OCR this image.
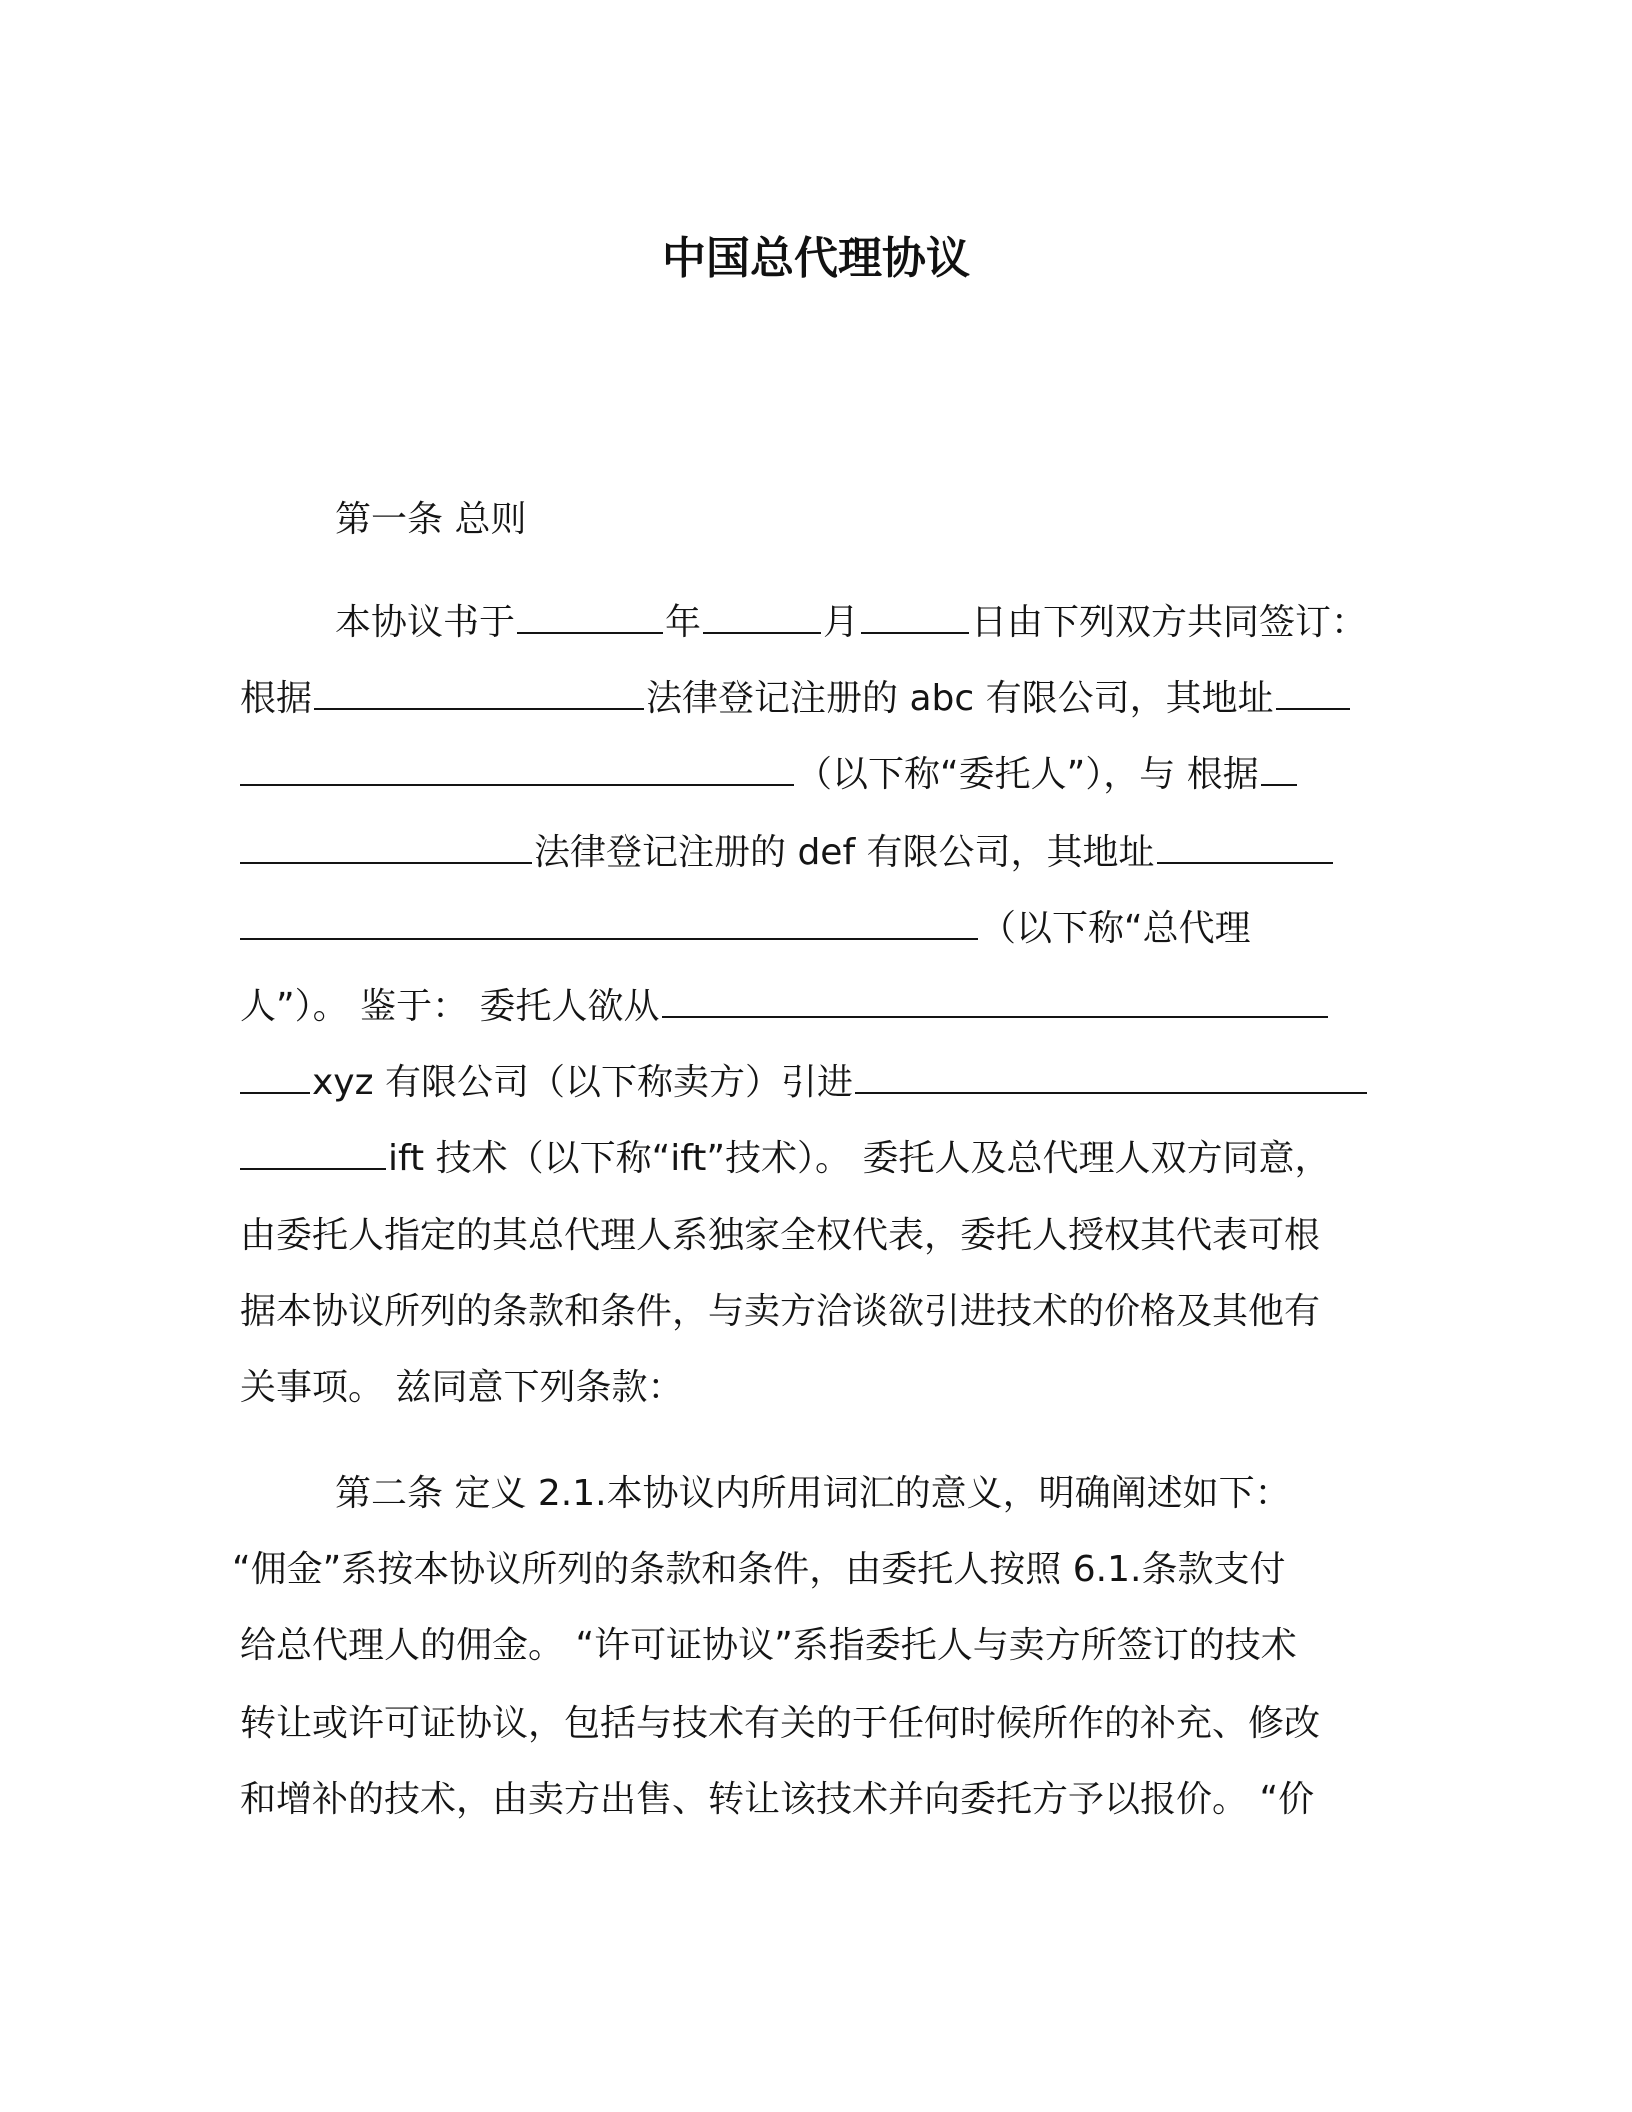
中国总代理协议
第一条 总则
本协议书于	年	月	日由下列双方共同签订：
根据	法律登记注册的 abc 有限公司，其地址
（以下称“委托人”），与 根据
法律登记注册的 def 有限公司，其地址
（以下称“总代理
人”）。 鉴于： 委托人欲从
xyz 有限公司（以下称卖方）引进
ift 技术（以下称“ift”技术）。 委托人及总代理人双方同意，
由委托人指定的其总代理人系独家全权代表，委托人授权其代表可根
据本协议所列的条款和条件，与卖方洽谈欲引进技术的价格及其他有
关事项。 兹同意下列条款：
第二条 定义 2.1.本协议内所用词汇的意义，明确阐述如下：
“佣金”系按本协议所列的条款和条件，由委托人按照 6.1.条款支付
给总代理人的佣金。 “许可证协议”系指委托人与卖方所签订的技术
转让或许可证协议，包括与技术有关的于任何时候所作的补充、修改
和增补的技术，由卖方出售、转让该技术并向委托方予以报价。 “价
